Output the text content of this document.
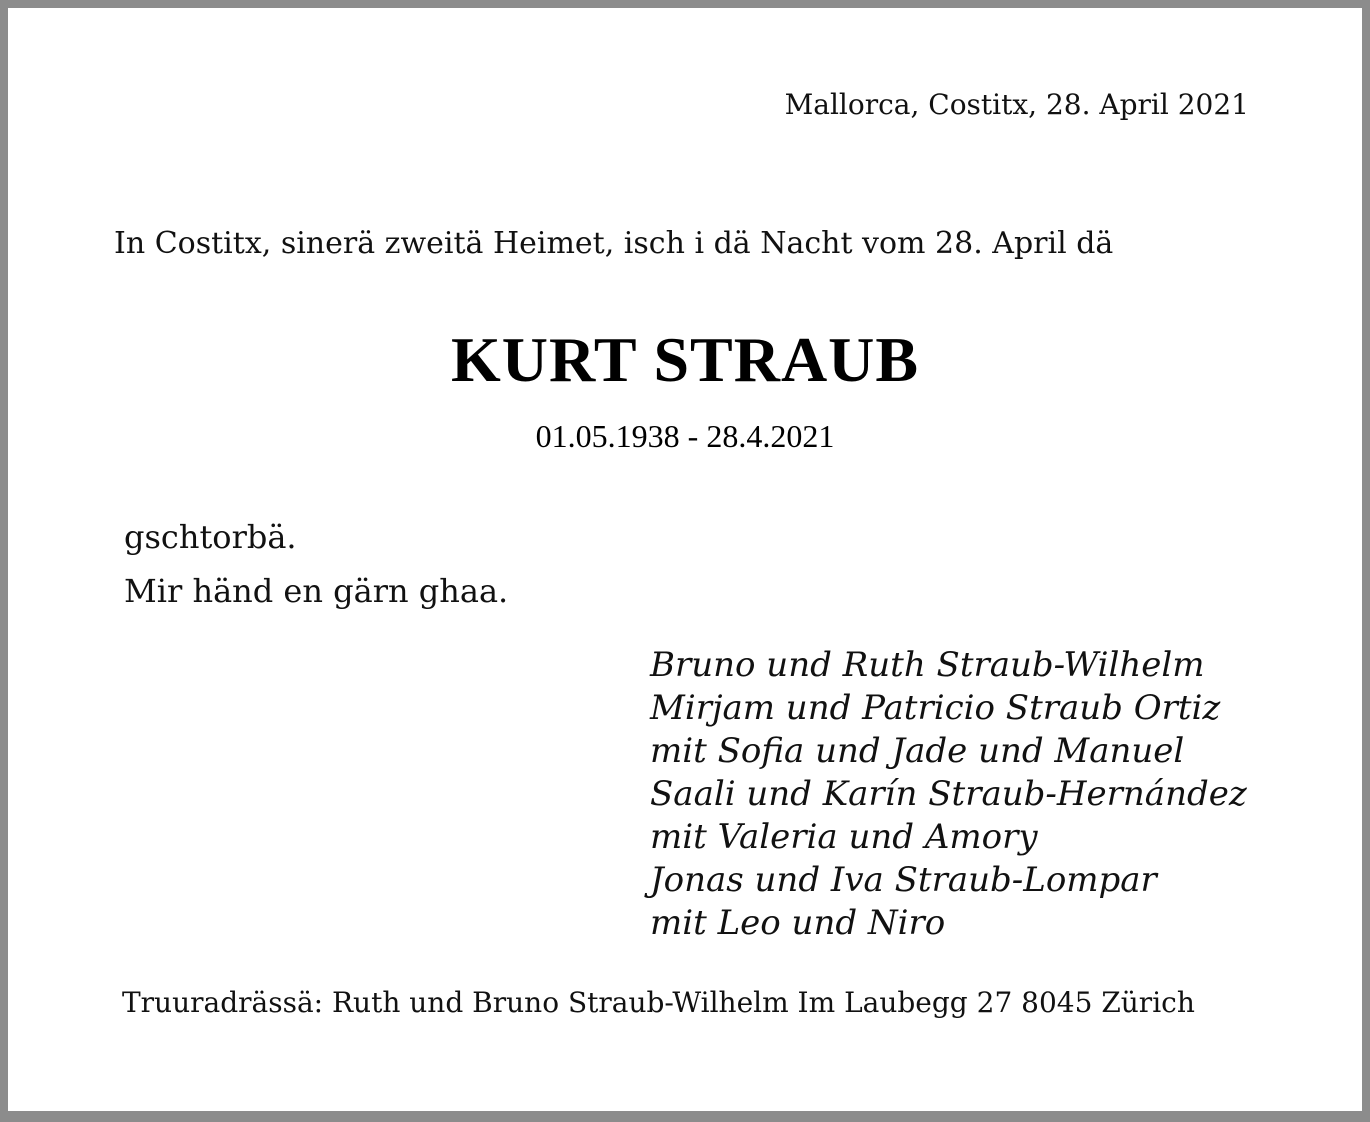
Mallorca, Costitx, 28. April 2021
In Costitx, sinerä zweitä Heimet, isch i dä Nacht vom 28. April dä
gschtorbä.
Mir händ en gärn ghaa.
Bruno und Ruth Straub-Wilhelm
Mirjam und Patricio Straub Ortiz
mit Sofia und Jade und Manuel
Saali und Karín Straub-Hernández
mit Valeria und Amory
Jonas und Iva Straub-Lompar
mit Leo und Niro
Truuradrässä: Ruth und Bruno Straub-Wilhelm Im Laubegg 27 8045 Zürich
KURT STRAUB
01.05.1938 - 28.4.2021
